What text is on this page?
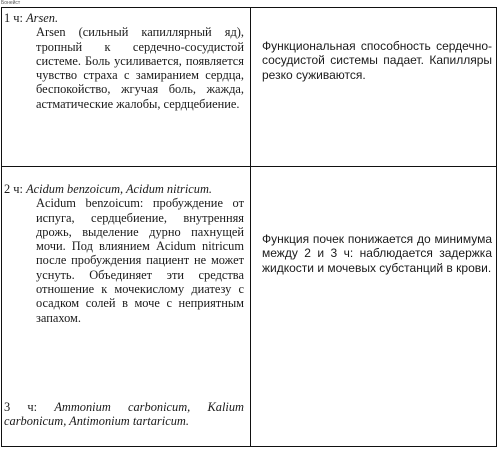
Бонейст
1 ч: Arsen.
Arsen (сильный капиллярный яд), тропный к сердечно-сосудистой системе. Боль усиливается, появляется чувство страха с замиранием сердца, беспокойство, жгучая боль, жажда, астматические жалобы, сердцебиение.
Функциональная способность сердечно-сосудистой системы падает. Капилляры резко суживаются.
2 ч: Acidum benzoicum, Acidum nitricum.
Acidum benzoicum: пробуждение от испуга, сердцебиение, внутренняя дрожь, выделение дурно пахнущей мочи. Под влиянием Acidum nitricum после пробуждения пациент не может уснуть. Объединяет эти средства отношение к мочекислому диатезу с осадком солей в моче с неприятным запахом.
Функция почек понижается до минимума между 2 и 3 ч: наблюдается задержка жидкости и мочевых субстанций в крови.
3 ч: Ammonium carbonicum, Kalium carbonicum, Antimonium tartaricum.
